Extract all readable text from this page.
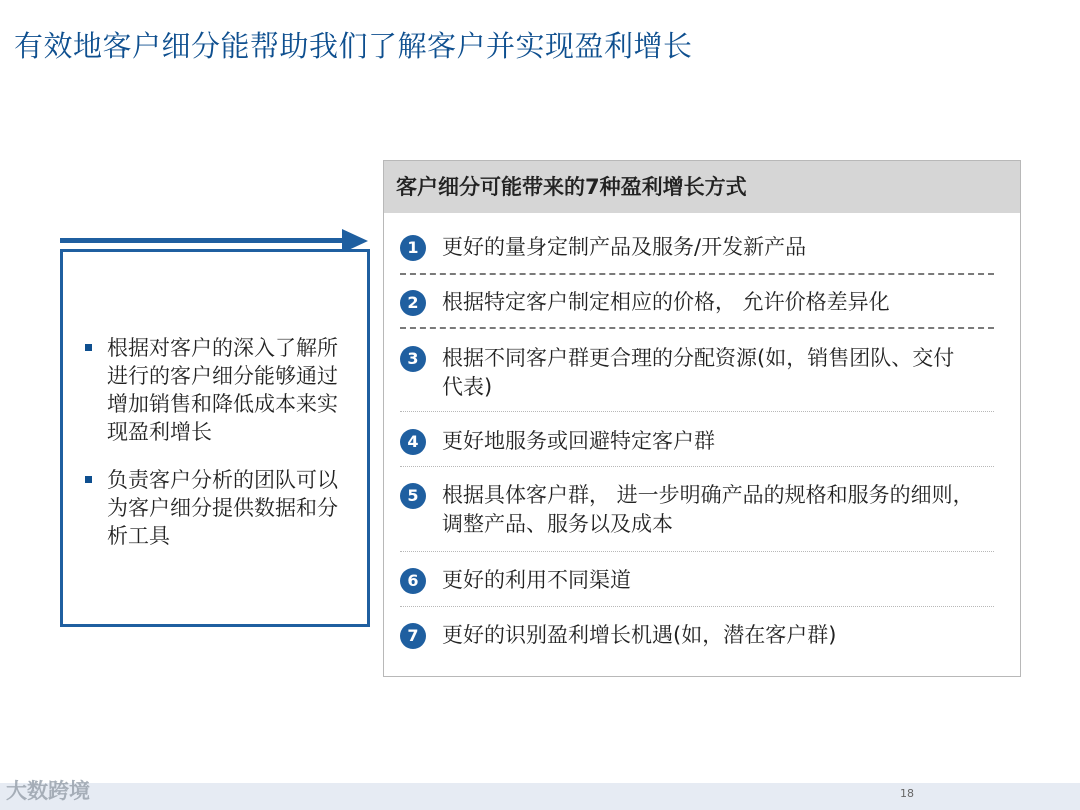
有效地客户细分能帮助我们了解客户并实现盈利增长
根据对客户的深入了解所进行的客户细分能够通过增加销售和降低成本来实现盈利增长
负责客户分析的团队可以为客户细分提供数据和分析工具
客户细分可能带来的7种盈利增长方式
1	更好的量身定制产品及服务/开发新产品
2	根据特定客户制定相应的价格， 允许价格差异化
3	根据不同客户群更合理的分配资源(如，销售团队、交付代表)
4	更好地服务或回避特定客户群
5	根据具体客户群， 进一步明确产品的规格和服务的细则，调整产品、服务以及成本
6	更好的利用不同渠道
7	更好的识别盈利增长机遇(如，潜在客户群)
大数跨境	18
